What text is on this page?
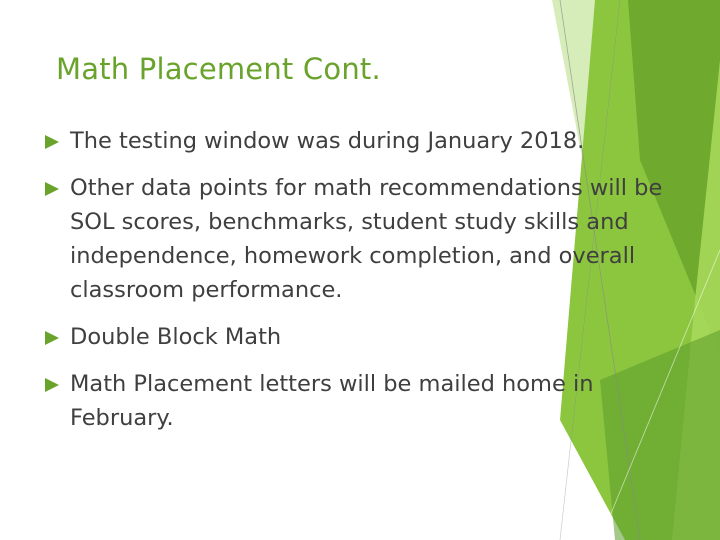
Math Placement Cont.
The testing window was during January 2018.
Other data points for math recommendations will be SOL scores, benchmarks, student study skills and independence, homework completion, and overall classroom performance.
Double Block Math
Math Placement letters will be mailed home in February.
